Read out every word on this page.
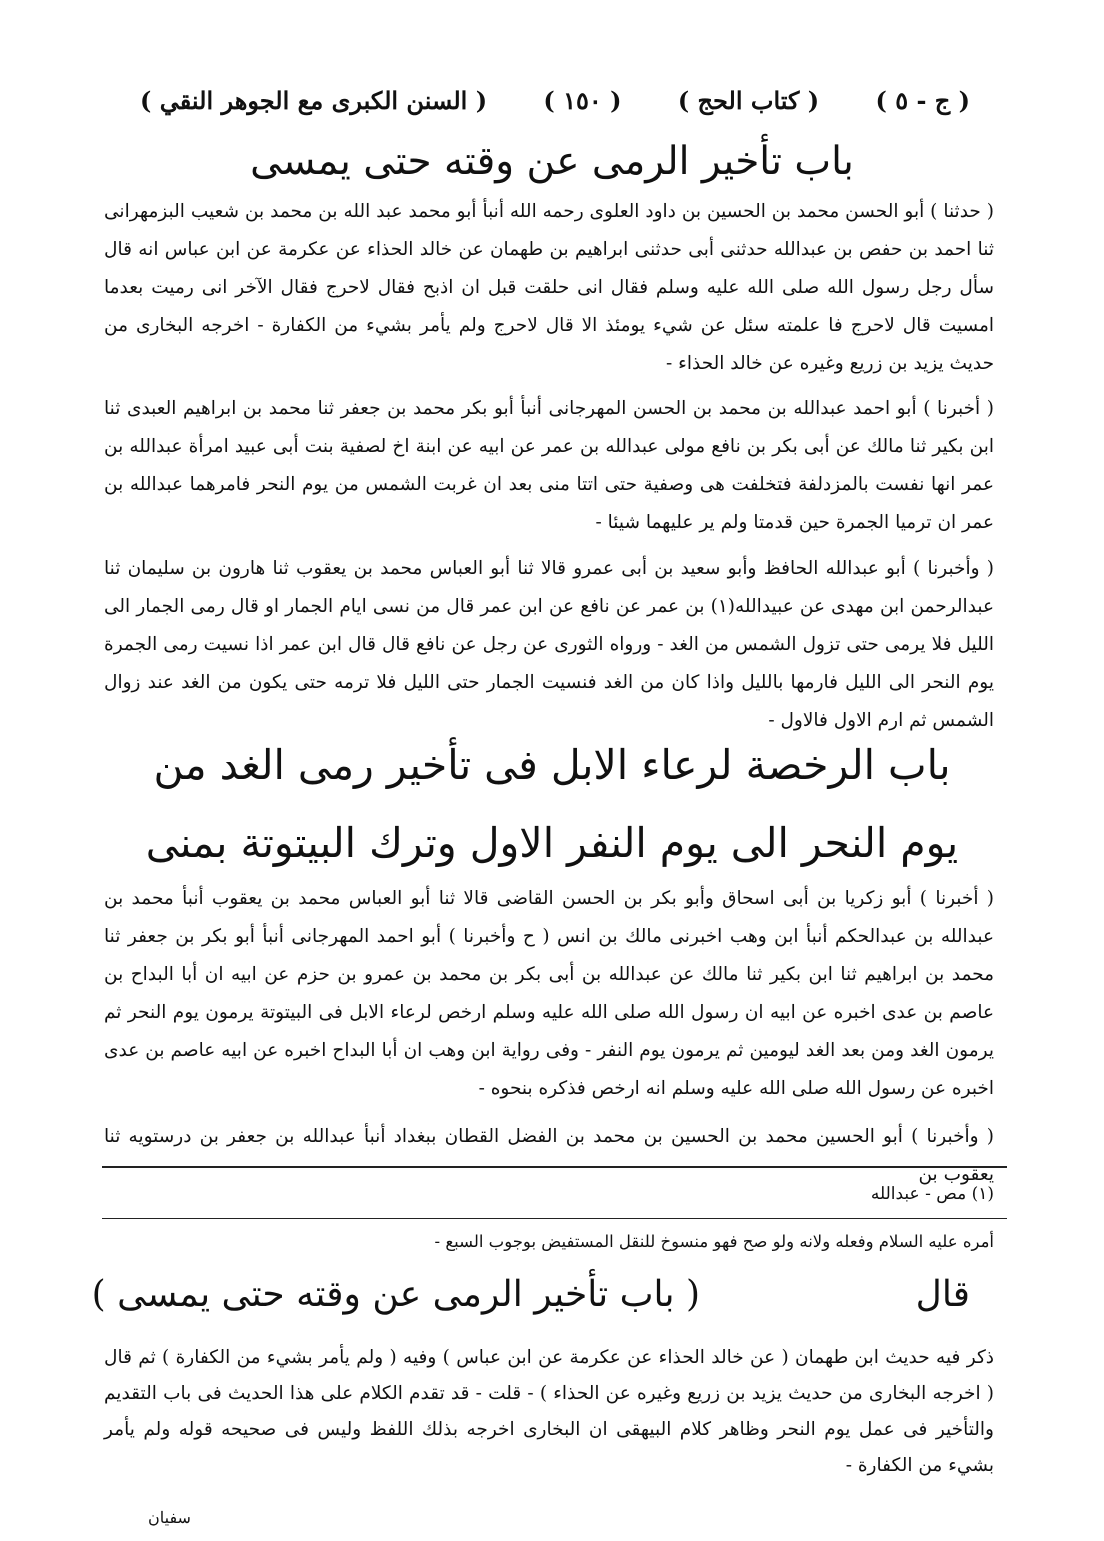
( السنن الكبرى مع الجوهر النقي ) ( ١٥٠ ) ( كتاب الحج ) ( ج - ٥ )
باب تأخير الرمى عن وقته حتى يمسى
( حدثنا ) أبو الحسن محمد بن الحسين بن داود العلوى رحمه الله أنبأ أبو محمد عبد الله بن محمد بن شعيب البزمهرانى ثنا احمد بن حفص بن عبدالله حدثنى أبى حدثنى ابراهيم بن طهمان عن خالد الحذاء عن عكرمة عن ابن عباس انه قال سأل رجل رسول الله صلى الله عليه وسلم فقال انى حلقت قبل ان اذبح فقال لاحرج فقال الآخر انى رميت بعدما امسيت قال لاحرج فا علمته سئل عن شيء يومئذ الا قال لاحرج ولم يأمر بشيء من الكفارة - اخرجه البخارى من حديث يزيد بن زريع وغيره عن خالد الحذاء -
( أخبرنا ) أبو احمد عبدالله بن محمد بن الحسن المهرجانى أنبأ أبو بكر محمد بن جعفر ثنا محمد بن ابراهيم العبدى ثنا ابن بكير ثنا مالك عن أبى بكر بن نافع مولى عبدالله بن عمر عن ابيه عن ابنة اخ لصفية بنت أبى عبيد امرأة عبدالله بن عمر انها نفست بالمزدلفة فتخلفت هى وصفية حتى اتتا منى بعد ان غربت الشمس من يوم النحر فامرهما عبدالله بن عمر ان ترميا الجمرة حين قدمتا ولم ير عليهما شيئا -
( وأخبرنا ) أبو عبدالله الحافظ وأبو سعيد بن أبى عمرو قالا ثنا أبو العباس محمد بن يعقوب ثنا هارون بن سليمان ثنا عبدالرحمن ابن مهدى عن عبيدالله(١) بن عمر عن نافع عن ابن عمر قال من نسى ايام الجمار او قال رمى الجمار الى الليل فلا يرمى حتى تزول الشمس من الغد - ورواه الثورى عن رجل عن نافع قال قال ابن عمر اذا نسيت رمى الجمرة يوم النحر الى الليل فارمها بالليل واذا كان من الغد فنسيت الجمار حتى الليل فلا ترمه حتى يكون من الغد عند زوال الشمس ثم ارم الاول فالاول -
باب الرخصة لرعاء الابل فى تأخير رمى الغد من
يوم النحر الى يوم النفر الاول وترك البيتوتة بمنى
( أخبرنا ) أبو زكريا بن أبى اسحاق وأبو بكر بن الحسن القاضى قالا ثنا أبو العباس محمد بن يعقوب أنبأ محمد بن عبدالله بن عبدالحكم أنبأ ابن وهب اخبرنى مالك بن انس ( ح وأخبرنا ) أبو احمد المهرجانى أنبأ أبو بكر بن جعفر ثنا محمد بن ابراهيم ثنا ابن بكير ثنا مالك عن عبدالله بن أبى بكر بن محمد بن عمرو بن حزم عن ابيه ان أبا البداح بن عاصم بن عدى اخبره عن ابيه ان رسول الله صلى الله عليه وسلم ارخص لرعاء الابل فى البيتوتة يرمون يوم النحر ثم يرمون الغد ومن بعد الغد ليومين ثم يرمون يوم النفر - وفى رواية ابن وهب ان أبا البداح اخبره عن ابيه عاصم بن عدى اخبره عن رسول الله صلى الله عليه وسلم انه ارخص فذكره بنحوه -
( وأخبرنا ) أبو الحسين محمد بن الحسين بن محمد بن الفضل القطان ببغداد أنبأ عبدالله بن جعفر بن درستويه ثنا يعقوب بن
(١) مص - عبدالله
أمره عليه السلام وفعله ولانه ولو صح فهو منسوخ للنقل المستفيض بوجوب السبع -
قال
( باب تأخير الرمى عن وقته حتى يمسى )
ذكر فيه حديث ابن طهمان ( عن خالد الحذاء عن عكرمة عن ابن عباس ) وفيه ( ولم يأمر بشيء من الكفارة ) ثم قال ( اخرجه البخارى من حديث يزيد بن زريع وغيره عن الحذاء ) - قلت - قد تقدم الكلام على هذا الحديث فى باب التقديم والتأخير فى عمل يوم النحر وظاهر كلام البيهقى ان البخارى اخرجه بذلك اللفظ وليس فى صحيحه قوله ولم يأمر بشيء من الكفارة -
سفيان
